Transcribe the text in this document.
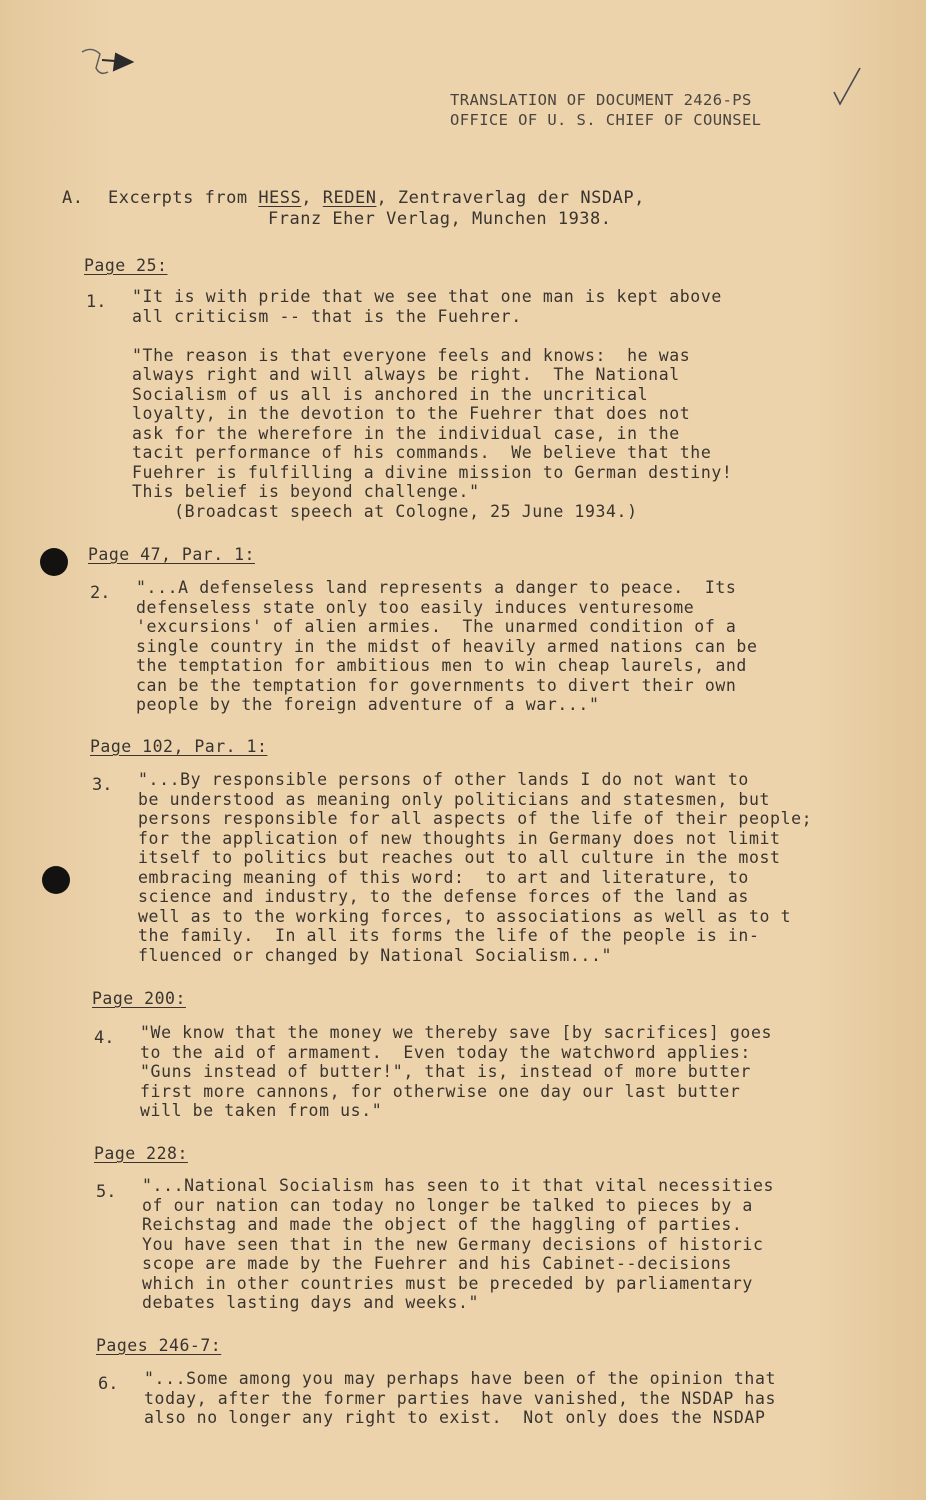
TRANSLATION OF DOCUMENT 2426-PS
OFFICE OF U. S. CHIEF OF COUNSEL
A. Excerpts from HESS, REDEN, Zentraverlag der NSDAP,
Franz Eher Verlag, Munchen 1938.
Page 25:
1. "It is with pride that we see that one man is kept above
all criticism -- that is the Fuehrer.

"The reason is that everyone feels and knows:  he was
always right and will always be right.  The National
Socialism of us all is anchored in the uncritical
loyalty, in the devotion to the Fuehrer that does not
ask for the wherefore in the individual case, in the
tacit performance of his commands.  We believe that the
Fuehrer is fulfilling a divine mission to German destiny!
This belief is beyond challenge."
(Broadcast speech at Cologne, 25 June 1934.)
Page 47, Par. 1:
2. "...A defenseless land represents a danger to peace.  Its
defenseless state only too easily induces venturesome
'excursions' of alien armies.  The unarmed condition of a
single country in the midst of heavily armed nations can be
the temptation for ambitious men to win cheap laurels, and
can be the temptation for governments to divert their own
people by the foreign adventure of a war..."
Page 102, Par. 1:
3. "...By responsible persons of other lands I do not want to
be understood as meaning only politicians and statesmen, but
persons responsible for all aspects of the life of their people;
for the application of new thoughts in Germany does not limit
itself to politics but reaches out to all culture in the most
embracing meaning of this word:  to art and literature, to
science and industry, to the defense forces of the land as
well as to the working forces, to associations as well as to t
the family.  In all its forms the life of the people is in-
fluenced or changed by National Socialism..."
Page 200:
4. "We know that the money we thereby save [by sacrifices] goes
to the aid of armament.  Even today the watchword applies:
"Guns instead of butter!", that is, instead of more butter
first more cannons, for otherwise one day our last butter
will be taken from us."
Page 228:
5. "...National Socialism has seen to it that vital necessities
of our nation can today no longer be talked to pieces by a
Reichstag and made the object of the haggling of parties.
You have seen that in the new Germany decisions of historic
scope are made by the Fuehrer and his Cabinet--decisions
which in other countries must be preceded by parliamentary
debates lasting days and weeks."
Pages 246-7:
6. "...Some among you may perhaps have been of the opinion that
today, after the former parties have vanished, the NSDAP has
also no longer any right to exist.  Not only does the NSDAP
